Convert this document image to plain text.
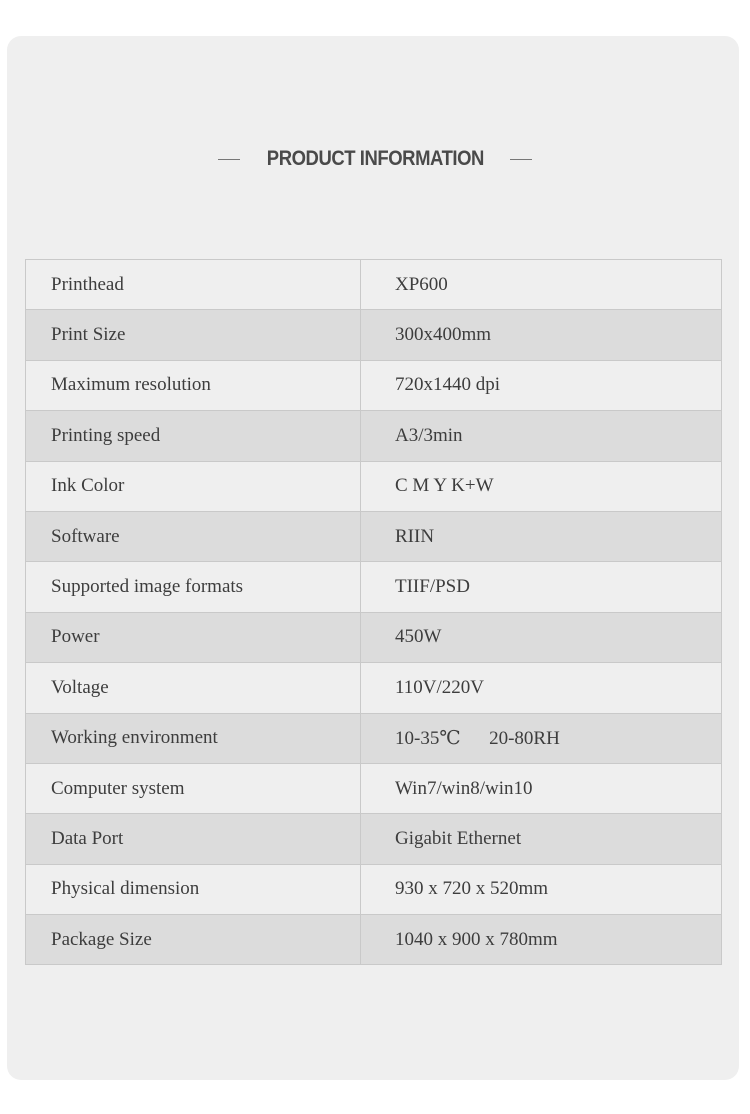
PRODUCT INFORMATION
Printhead	XP600
Print Size	300x400mm
Maximum resolution	720x1440 dpi
Printing speed	A3/3min
Ink Color	C M Y K+W
Software	RIIN
Supported image formats	TIIF/PSD
Power	450W
Voltage	110V/220V
Working environment	10-35℃      20-80RH
Computer system	Win7/win8/win10
Data Port	Gigabit Ethernet
Physical dimension	930 x 720 x 520mm
Package Size	1040 x 900 x 780mm
